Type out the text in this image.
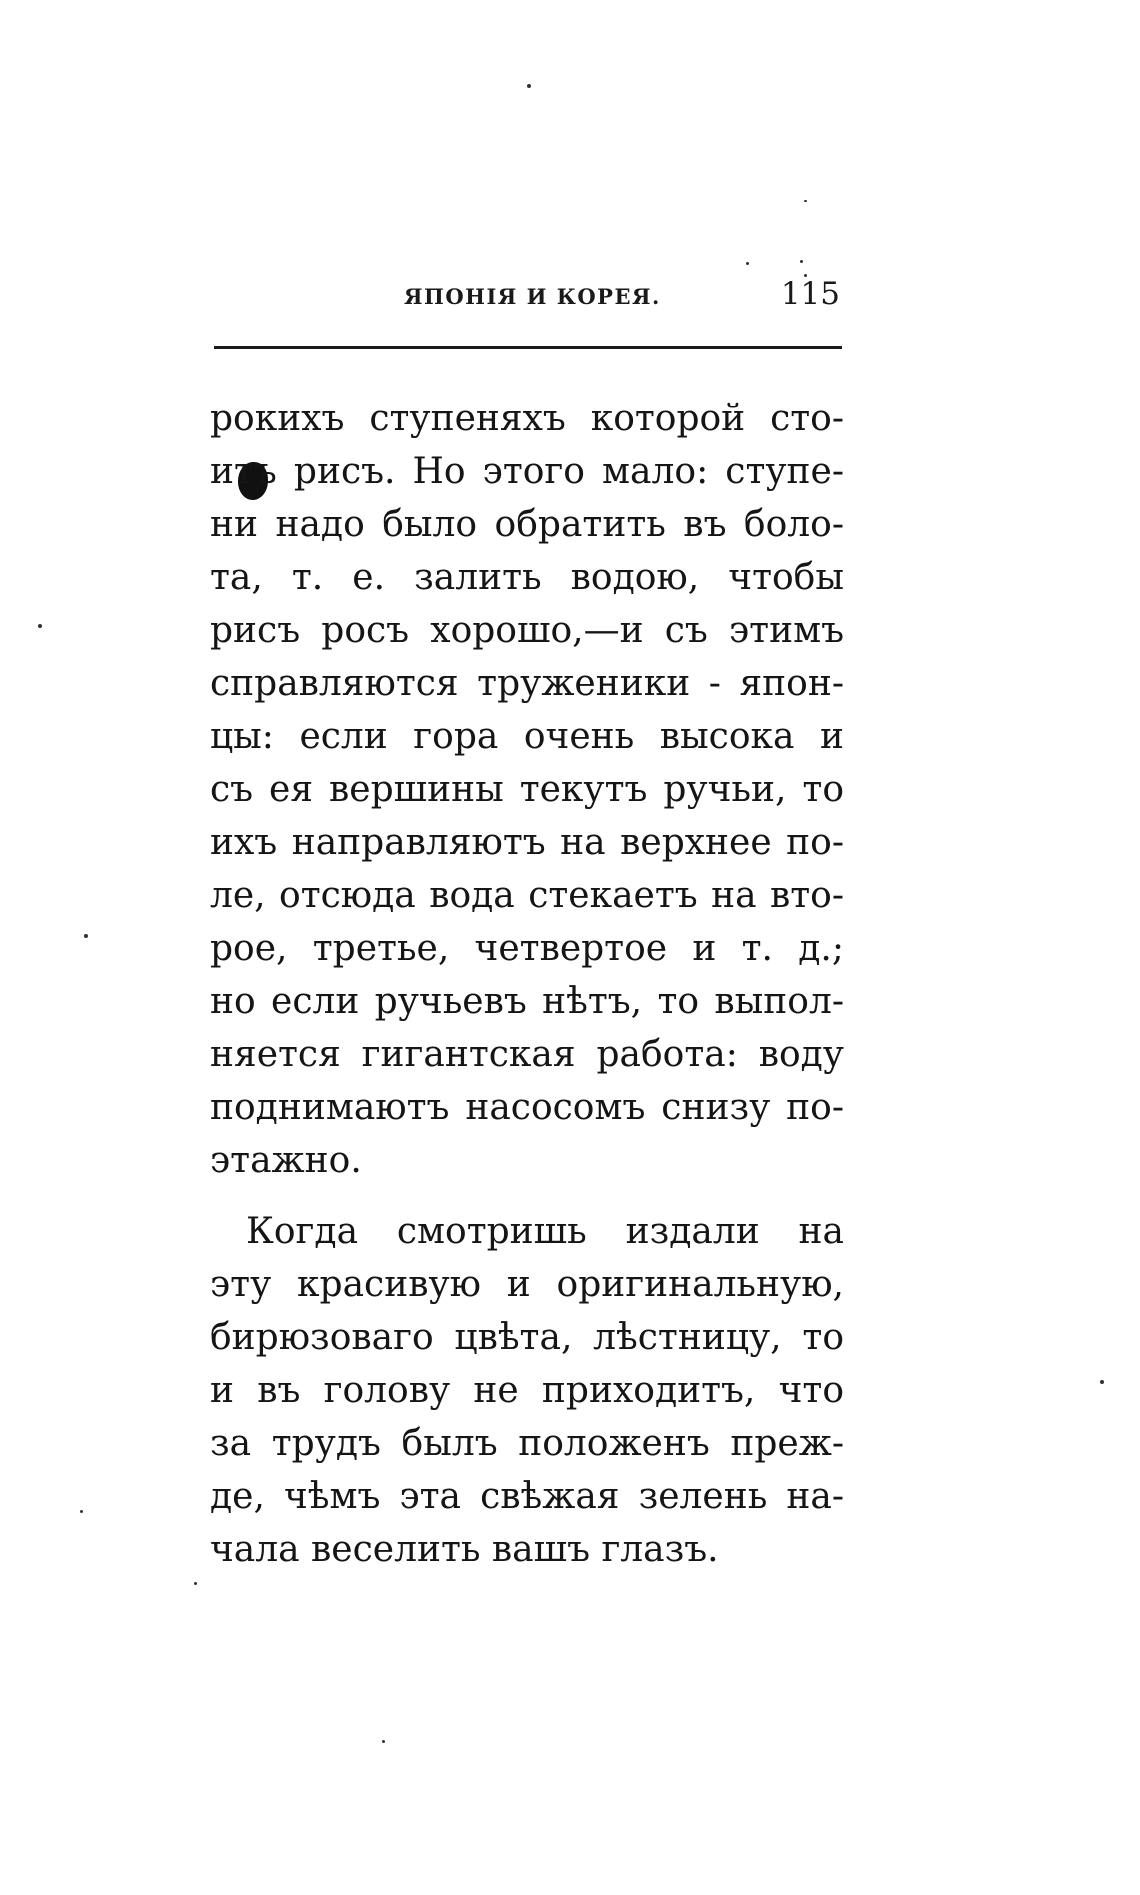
ЯПОНІЯ И КОРЕЯ.	115
рокихъ ступеняхъ которой сто-
итъ рисъ. Но этого мало: ступе-
ни надо было обратить въ боло-
та, т. е. залить водою, чтобы
рисъ росъ хорошо,—и съ этимъ
справляются труженики - япон-
цы: если гора очень высока и
съ ея вершины текутъ ручьи, то
ихъ направляютъ на верхнее по-
ле, отсюда вода стекаетъ на вто-
рое, третье, четвертое и т. д.;
но если ручьевъ нѣтъ, то выпол-
няется гигантская работа: воду
поднимаютъ насосомъ снизу по-
этажно.
Когда смотришь издали на
эту красивую и оригинальную,
бирюзоваго цвѣта, лѣстницу, то
и въ голову не приходитъ, что
за трудъ былъ положенъ преж-
де, чѣмъ эта свѣжая зелень на-
чала веселить вашъ глазъ.
